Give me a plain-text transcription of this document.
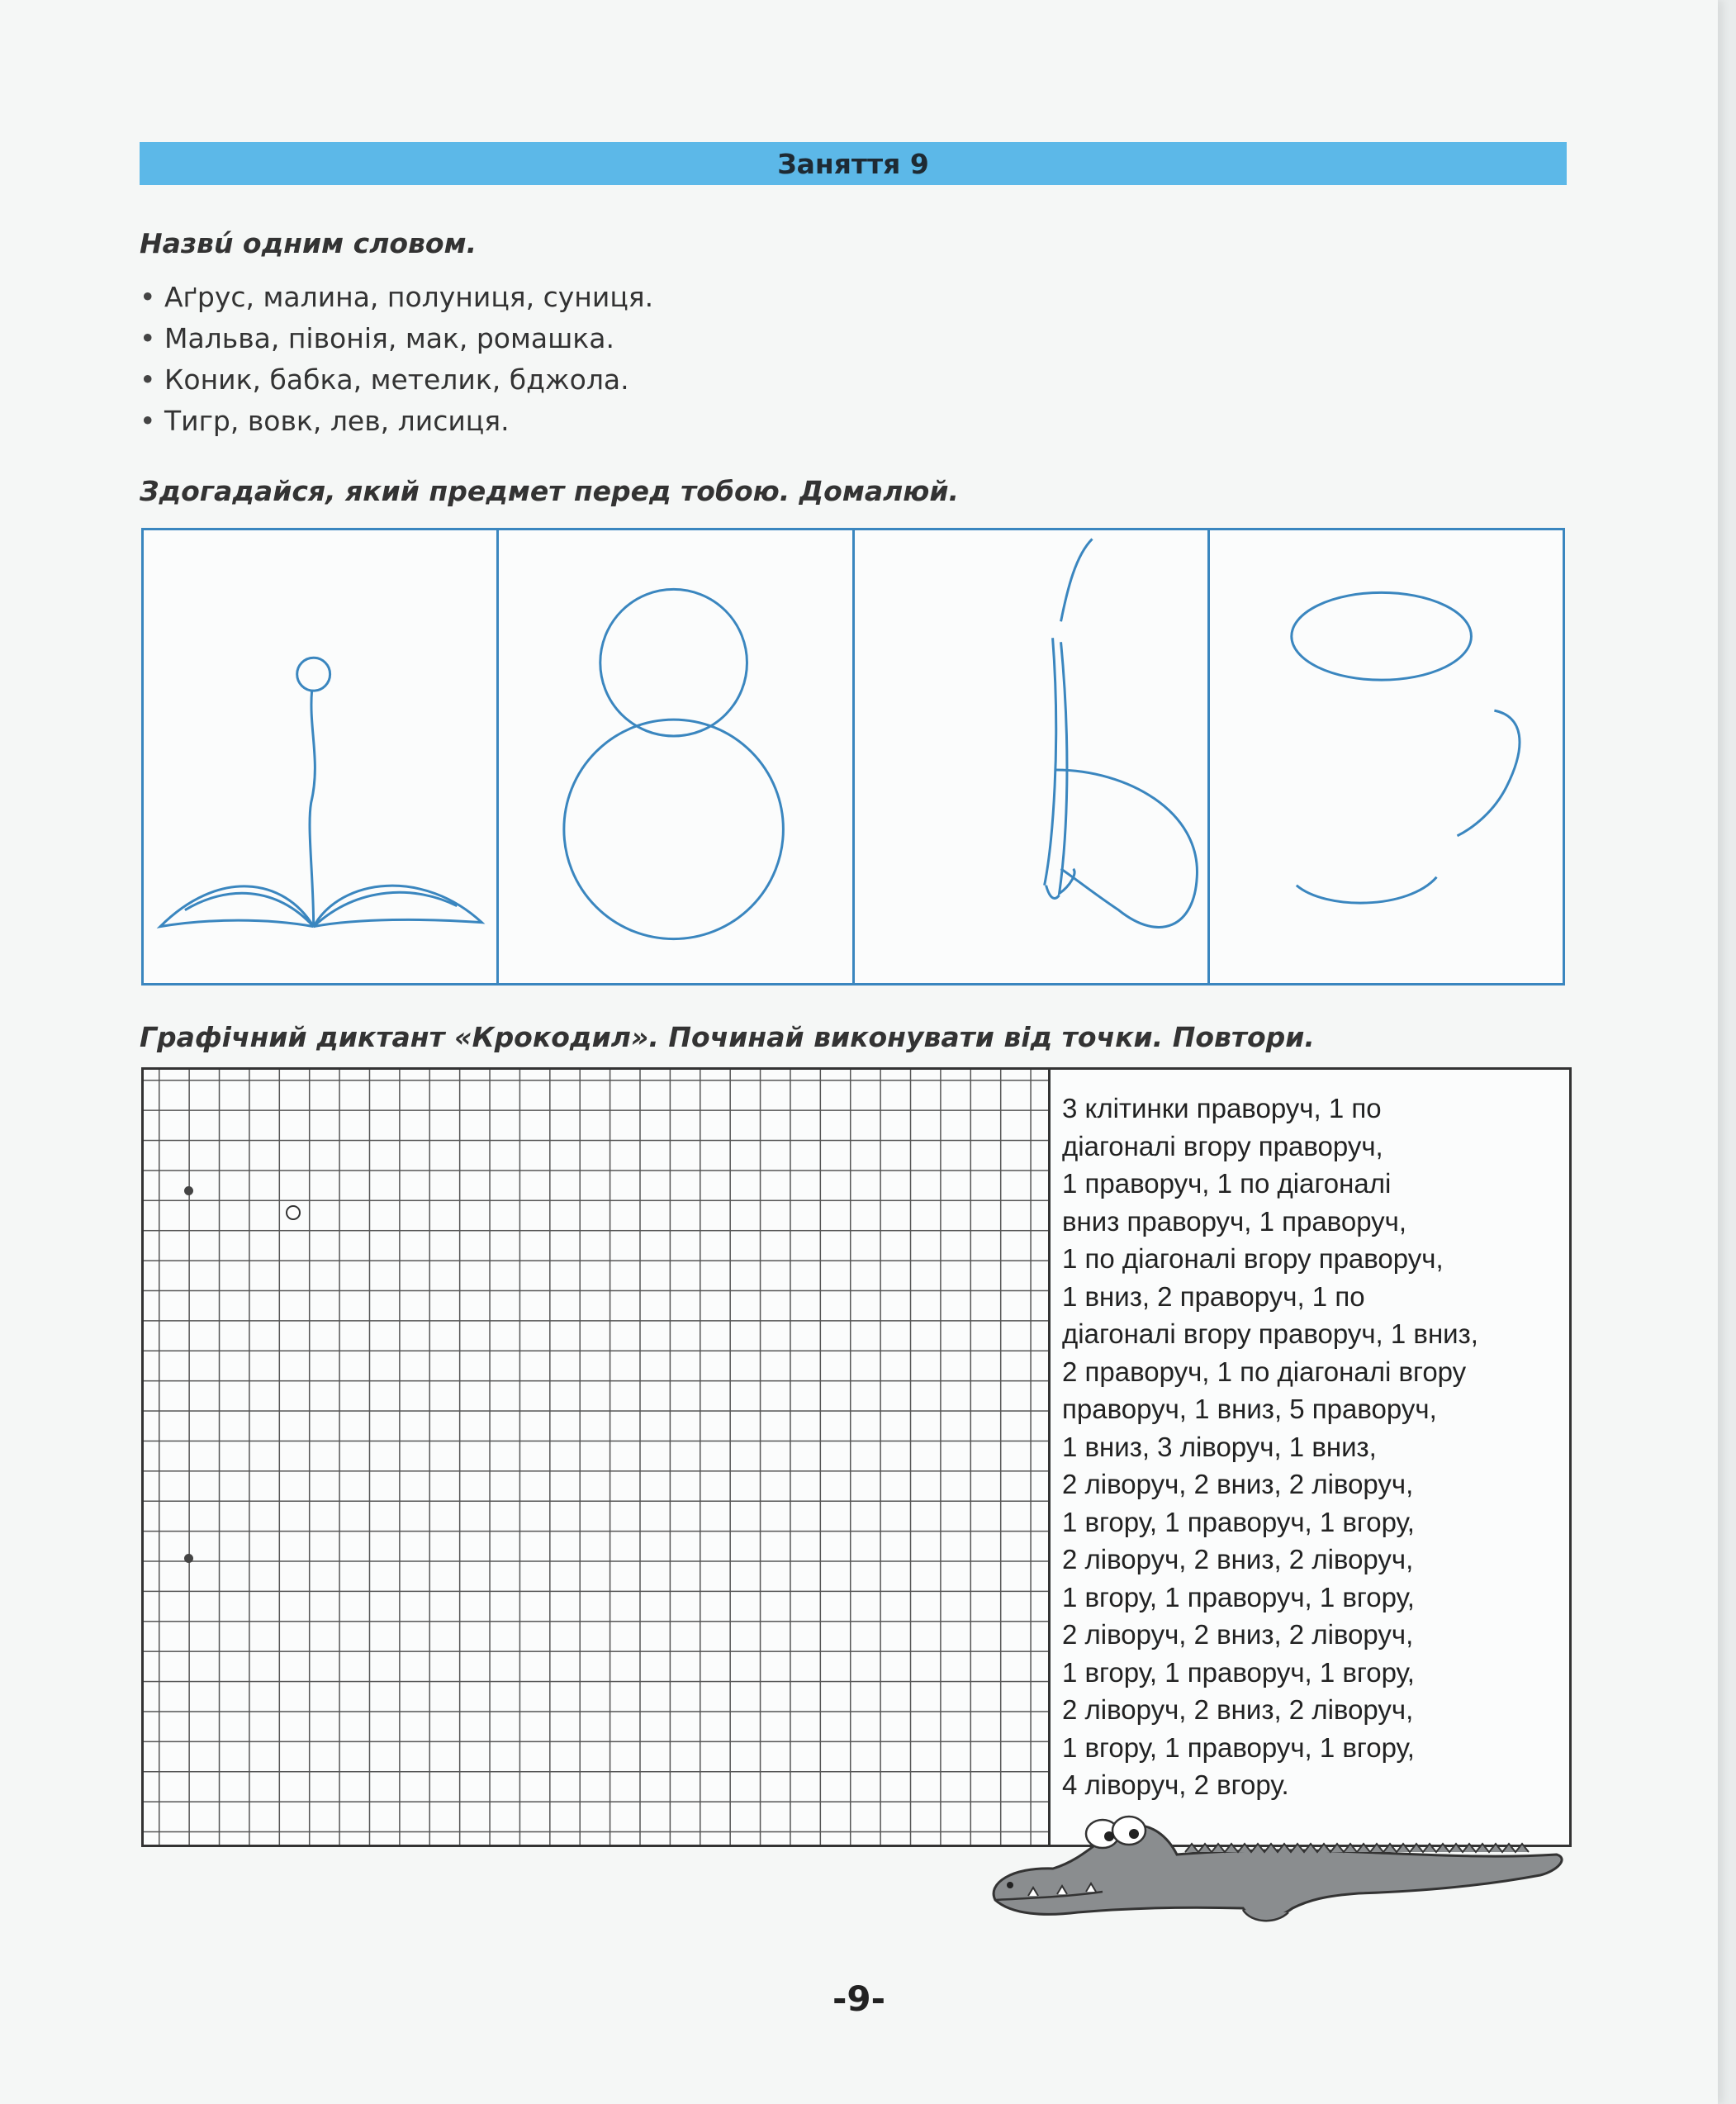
Заняття 9
Назвú одним словом.
• Аґрус, малина, полуниця, суниця.
• Мальва, півонія, мак, ромашка.
• Коник, бабка, метелик, бджола.
• Тигр, вовк, лев, лисиця.
Здогадайся, який предмет перед тобою. Домалюй.
Графічний диктант «Крокодил». Починай виконувати від точки. Повтори.
3 клітинки праворуч, 1 по
діагоналі вгору праворуч,
1 праворуч, 1 по діагоналі
вниз праворуч, 1 праворуч,
1 по діагоналі вгору праворуч,
1 вниз, 2 праворуч, 1 по
діагоналі вгору праворуч, 1 вниз,
2 праворуч, 1 по діагоналі вгору
праворуч, 1 вниз, 5 праворуч,
1 вниз, 3 ліворуч, 1 вниз,
2 ліворуч, 2 вниз, 2 ліворуч,
1 вгору, 1 праворуч, 1 вгору,
2 ліворуч, 2 вниз, 2 ліворуч,
1 вгору, 1 праворуч, 1 вгору,
2 ліворуч, 2 вниз, 2 ліворуч,
1 вгору, 1 праворуч, 1 вгору,
2 ліворуч, 2 вниз, 2 ліворуч,
1 вгору, 1 праворуч, 1 вгору,
4 ліворуч, 2 вгору.
-9-
